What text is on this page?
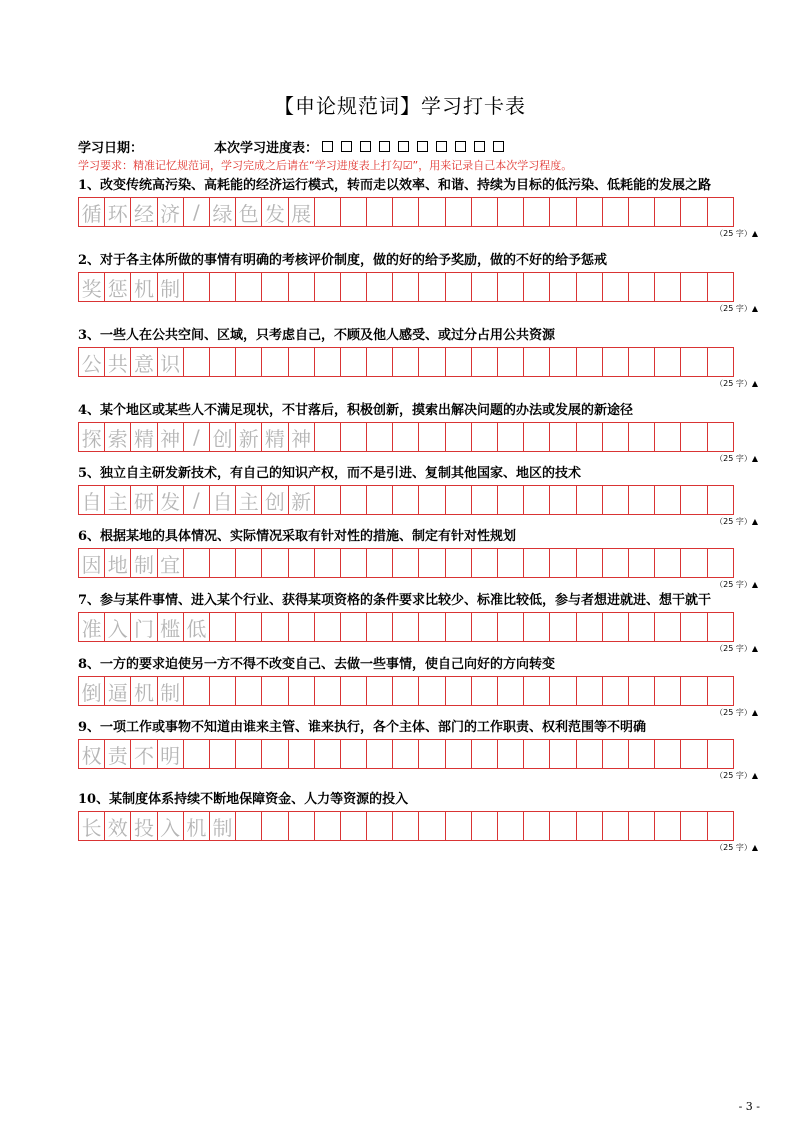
【申论规范词】学习打卡表
学习日期：	本次学习进度表：
学习要求：精准记忆规范词，学习完成之后请在“学习进度表上打勾☑”，用来记录自己本次学习程度。
1、改变传统高污染、高耗能的经济运行模式，转而走以效率、和谐、持续为目标的低污染、低耗能的发展之路
循 环 经 济 / 绿 色 发 展
（25 字）▲
2、对于各主体所做的事情有明确的考核评价制度，做的好的给予奖励，做的不好的给予惩戒
奖 惩 机 制
（25 字）▲
3、一些人在公共空间、区域，只考虑自己，不顾及他人感受、或过分占用公共资源
公 共 意 识
（25 字）▲
4、某个地区或某些人不满足现状，不甘落后，积极创新，摸索出解决问题的办法或发展的新途径
探 索 精 神 / 创 新 精 神
（25 字）▲
5、独立自主研发新技术，有自己的知识产权，而不是引进、复制其他国家、地区的技术
自 主 研 发 / 自 主 创 新
（25 字）▲
6、根据某地的具体情况、实际情况采取有针对性的措施、制定有针对性规划
因 地 制 宜
（25 字）▲
7、参与某件事情、进入某个行业、获得某项资格的条件要求比较少、标准比较低，参与者想进就进、想干就干
准 入 门 槛 低
（25 字）▲
8、一方的要求迫使另一方不得不改变自己、去做一些事情，使自己向好的方向转变
倒 逼 机 制
（25 字）▲
9、一项工作或事物不知道由谁来主管、谁来执行，各个主体、部门的工作职责、权利范围等不明确
权 责 不 明
（25 字）▲
10、某制度体系持续不断地保障资金、人力等资源的投入
长 效 投 入 机 制
（25 字）▲
- 3 -
